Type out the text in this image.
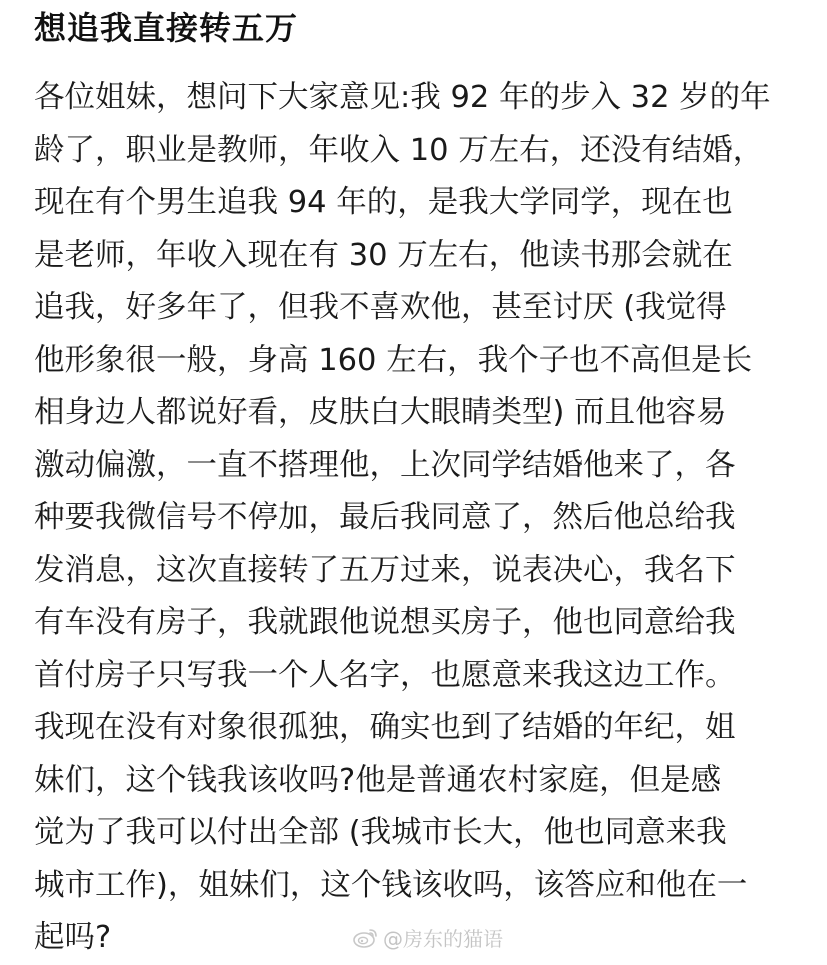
想追我直接转五万
各位姐妹，想问下大家意见:我 92 年的步入 32 岁的年
龄了，职业是教师，年收入 10 万左右，还没有结婚，
现在有个男生追我 94 年的，是我大学同学，现在也
是老师，年收入现在有 30 万左右，他读书那会就在
追我，好多年了，但我不喜欢他，甚至讨厌 (我觉得
他形象很一般，身高 160 左右，我个子也不高但是长
相身边人都说好看，皮肤白大眼睛类型) 而且他容易
激动偏激，一直不搭理他，上次同学结婚他来了，各
种要我微信号不停加，最后我同意了，然后他总给我
发消息，这次直接转了五万过来，说表决心，我名下
有车没有房子，我就跟他说想买房子，他也同意给我
首付房子只写我一个人名字，也愿意来我这边工作。
我现在没有对象很孤独，确实也到了结婚的年纪，姐
妹们，这个钱我该收吗?他是普通农村家庭，但是感
觉为了我可以付出全部 (我城市长大，他也同意来我
城市工作)，姐妹们，这个钱该收吗，该答应和他在一
起吗?	@房东的猫语
